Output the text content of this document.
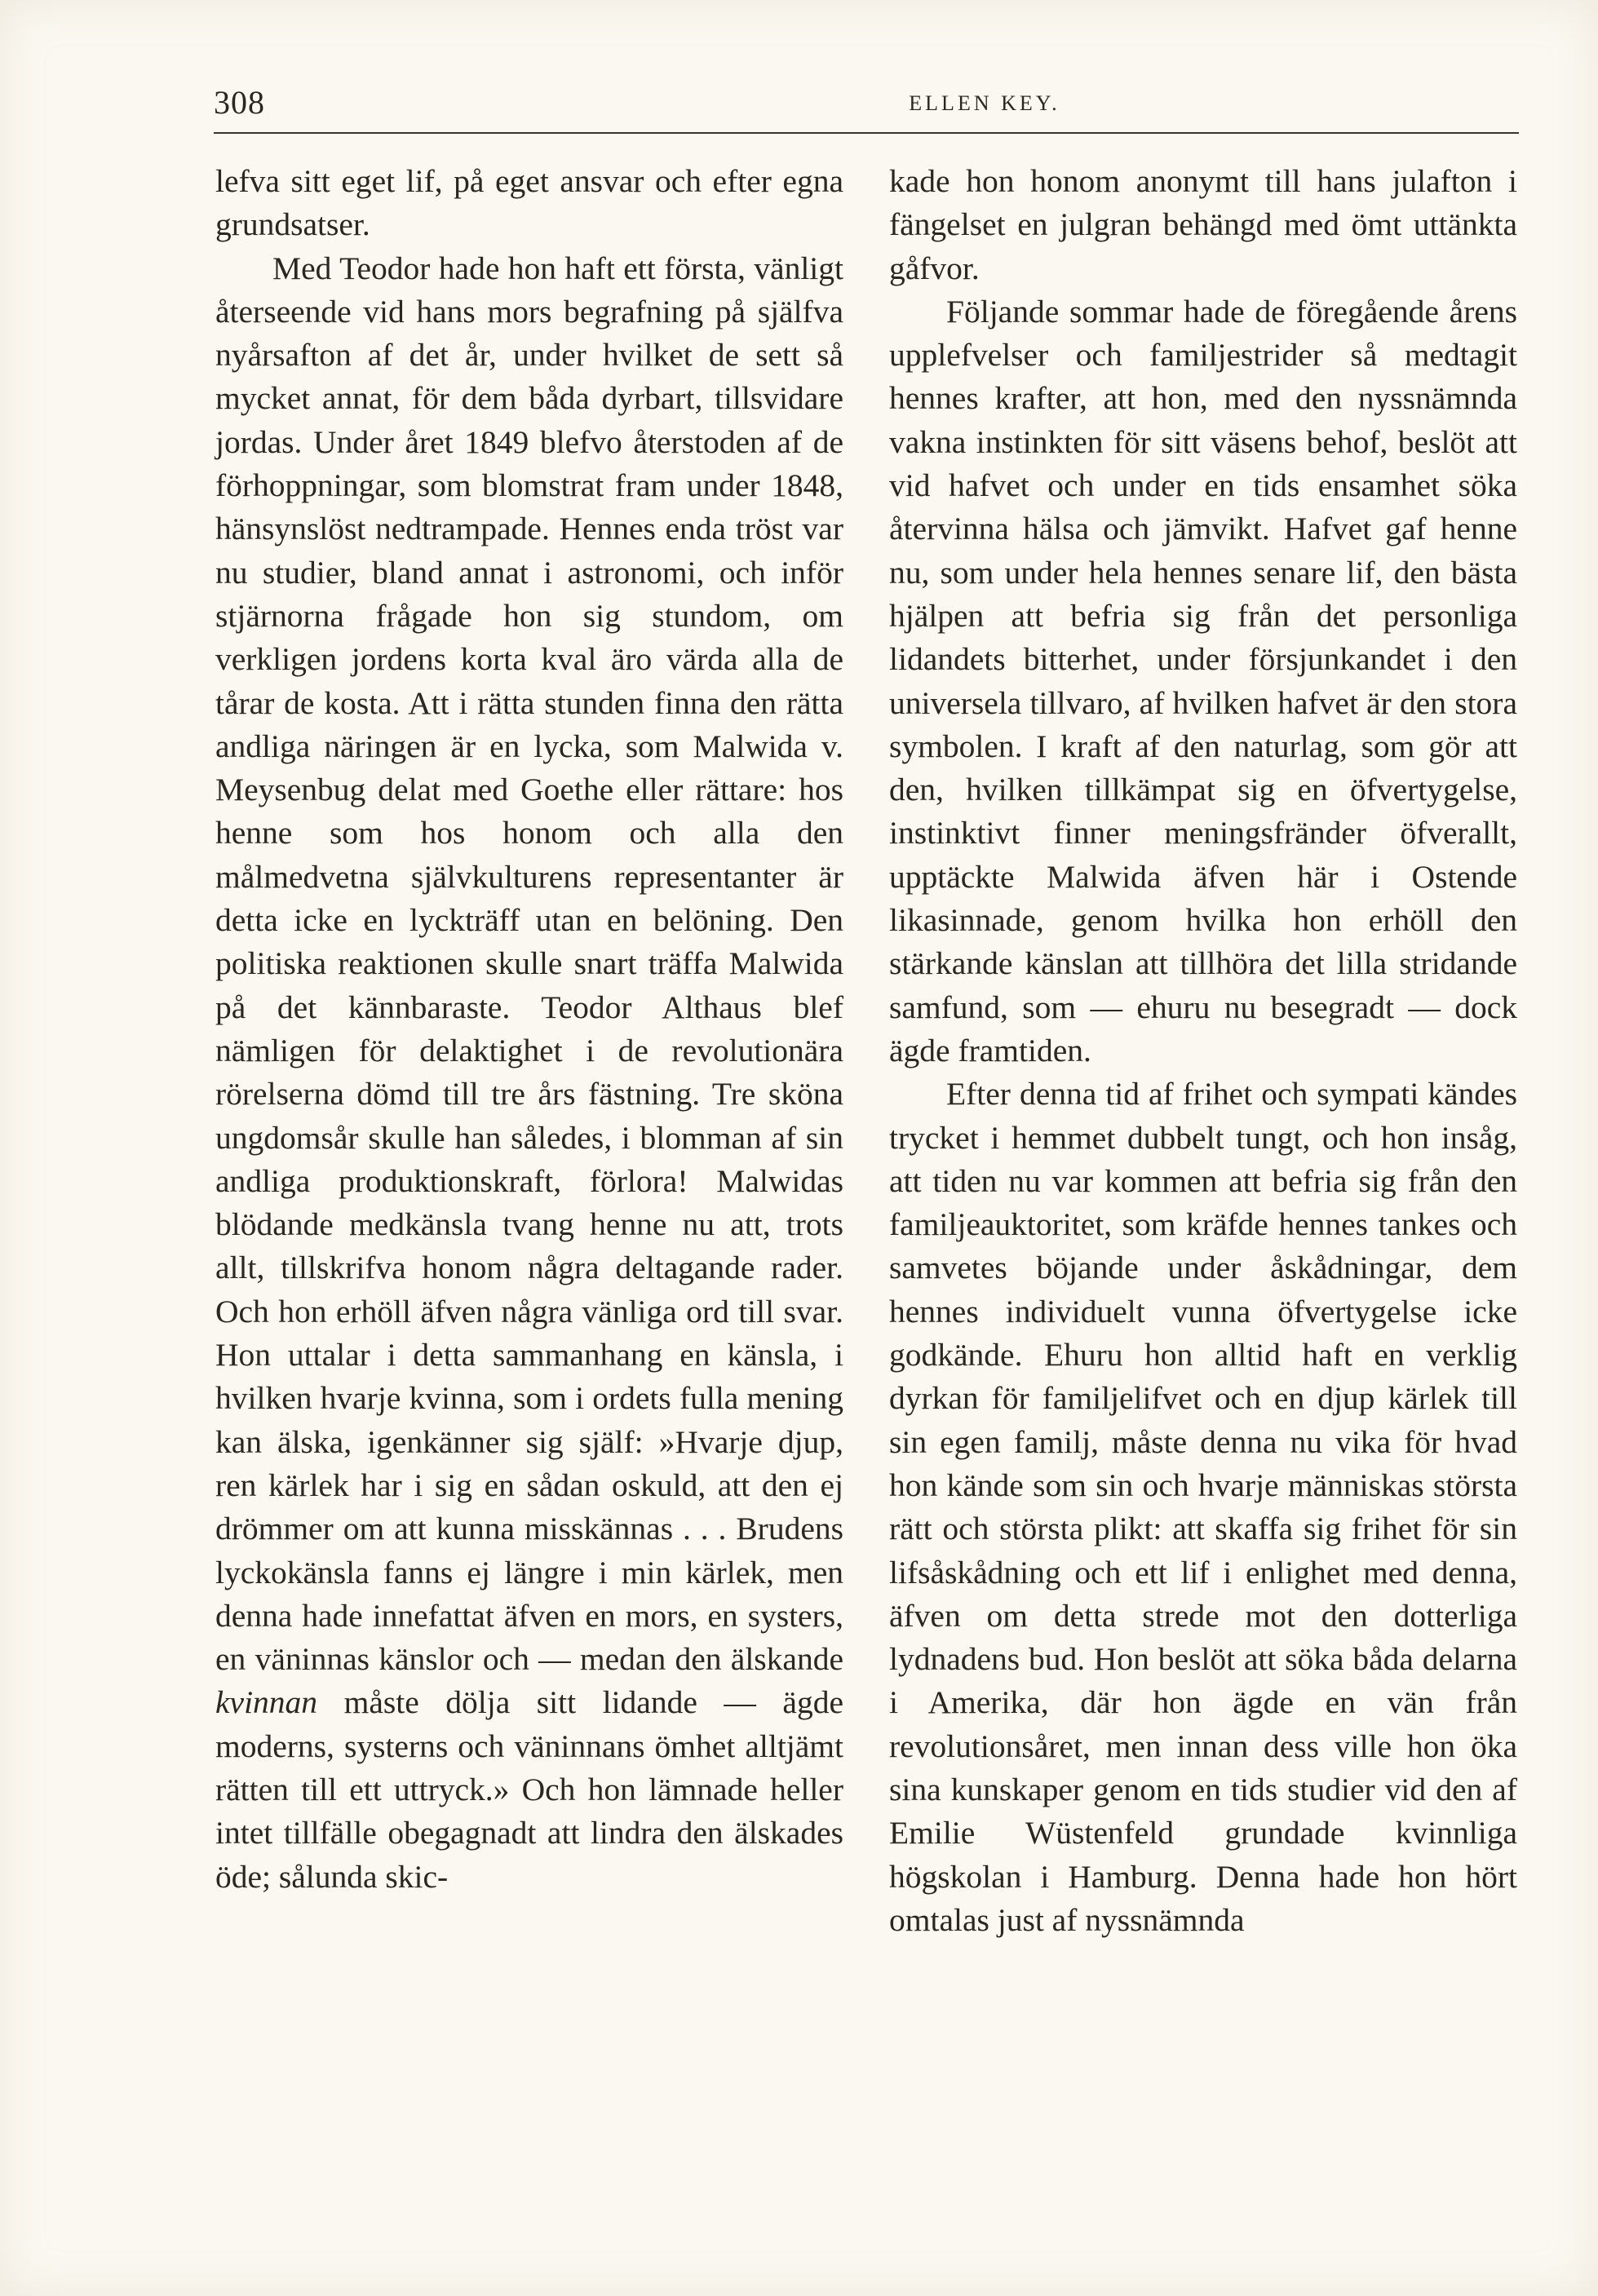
308	ELLEN KEY.

lefva sitt eget lif, på eget ansvar och efter egna grundsatser.

Med Teodor hade hon haft ett första, vänligt återseende vid hans mors begrafning på själfva nyårsafton af det år, under hvilket de sett så mycket annat, för dem båda dyrbart, tillsvidare jordas. Under året 1849 blefvo återstoden af de förhoppningar, som blomstrat fram under 1848, hänsynslöst nedtrampade. Hennes enda tröst var nu studier, bland annat i astronomi, och inför stjärnorna frågade hon sig stundom, om verkligen jordens korta kval äro värda alla de tårar de kosta. Att i rätta stunden finna den rätta andliga näringen är en lycka, som Malwida v. Meysenbug delat med Goethe eller rättare: hos henne som hos honom och alla den målmedvetna självkulturens representanter är detta icke en lyckträff utan en belöning. Den politiska reaktionen skulle snart träffa Malwida på det kännbaraste. Teodor Althaus blef nämligen för delaktighet i de revolutionära rörelserna dömd till tre års fästning. Tre sköna ungdomsår skulle han således, i blomman af sin andliga produktionskraft, förlora! Malwidas blödande medkänsla tvang henne nu att, trots allt, tillskrifva honom några deltagande rader. Och hon erhöll äfven några vänliga ord till svar. Hon uttalar i detta sammanhang en känsla, i hvilken hvarje kvinna, som i ordets fulla mening kan älska, igenkänner sig själf: »Hvarje djup, ren kärlek har i sig en sådan oskuld, att den ej drömmer om att kunna misskännas . . . Brudens lyckokänsla fanns ej längre i min kärlek, men denna hade innefattat äfven en mors, en systers, en väninnas känslor och — medan den älskande kvinnan måste dölja sitt lidande — ägde moderns, systerns och väninnans ömhet alltjämt rätten till ett uttryck.» Och hon lämnade heller intet tillfälle obegagnadt att lindra den älskades öde; sålunda skic-

kade hon honom anonymt till hans julafton i fängelset en julgran behängd med ömt uttänkta gåfvor.

Följande sommar hade de föregående årens upplefvelser och familjestrider så medtagit hennes krafter, att hon, med den nyssnämnda vakna instinkten för sitt väsens behof, beslöt att vid hafvet och under en tids ensamhet söka återvinna hälsa och jämvikt. Hafvet gaf henne nu, som under hela hennes senare lif, den bästa hjälpen att befria sig från det personliga lidandets bitterhet, under försjunkandet i den universela tillvaro, af hvilken hafvet är den stora symbolen. I kraft af den naturlag, som gör att den, hvilken tillkämpat sig en öfvertygelse, instinktivt finner meningsfränder öfverallt, upptäckte Malwida äfven här i Ostende likasinnade, genom hvilka hon erhöll den stärkande känslan att tillhöra det lilla stridande samfund, som — ehuru nu besegradt — dock ägde framtiden.

Efter denna tid af frihet och sympati kändes trycket i hemmet dubbelt tungt, och hon insåg, att tiden nu var kommen att befria sig från den familjeauktoritet, som kräfde hennes tankes och samvetes böjande under åskådningar, dem hennes individuelt vunna öfvertygelse icke godkände. Ehuru hon alltid haft en verklig dyrkan för familjelifvet och en djup kärlek till sin egen familj, måste denna nu vika för hvad hon kände som sin och hvarje människas största rätt och största plikt: att skaffa sig frihet för sin lifsåskådning och ett lif i enlighet med denna, äfven om detta strede mot den dotterliga lydnadens bud. Hon beslöt att söka båda delarna i Amerika, där hon ägde en vän från revolutionsåret, men innan dess ville hon öka sina kunskaper genom en tids studier vid den af Emilie Wüstenfeld grundade kvinnliga högskolan i Hamburg. Denna hade hon hört omtalas just af nyssnämnda
